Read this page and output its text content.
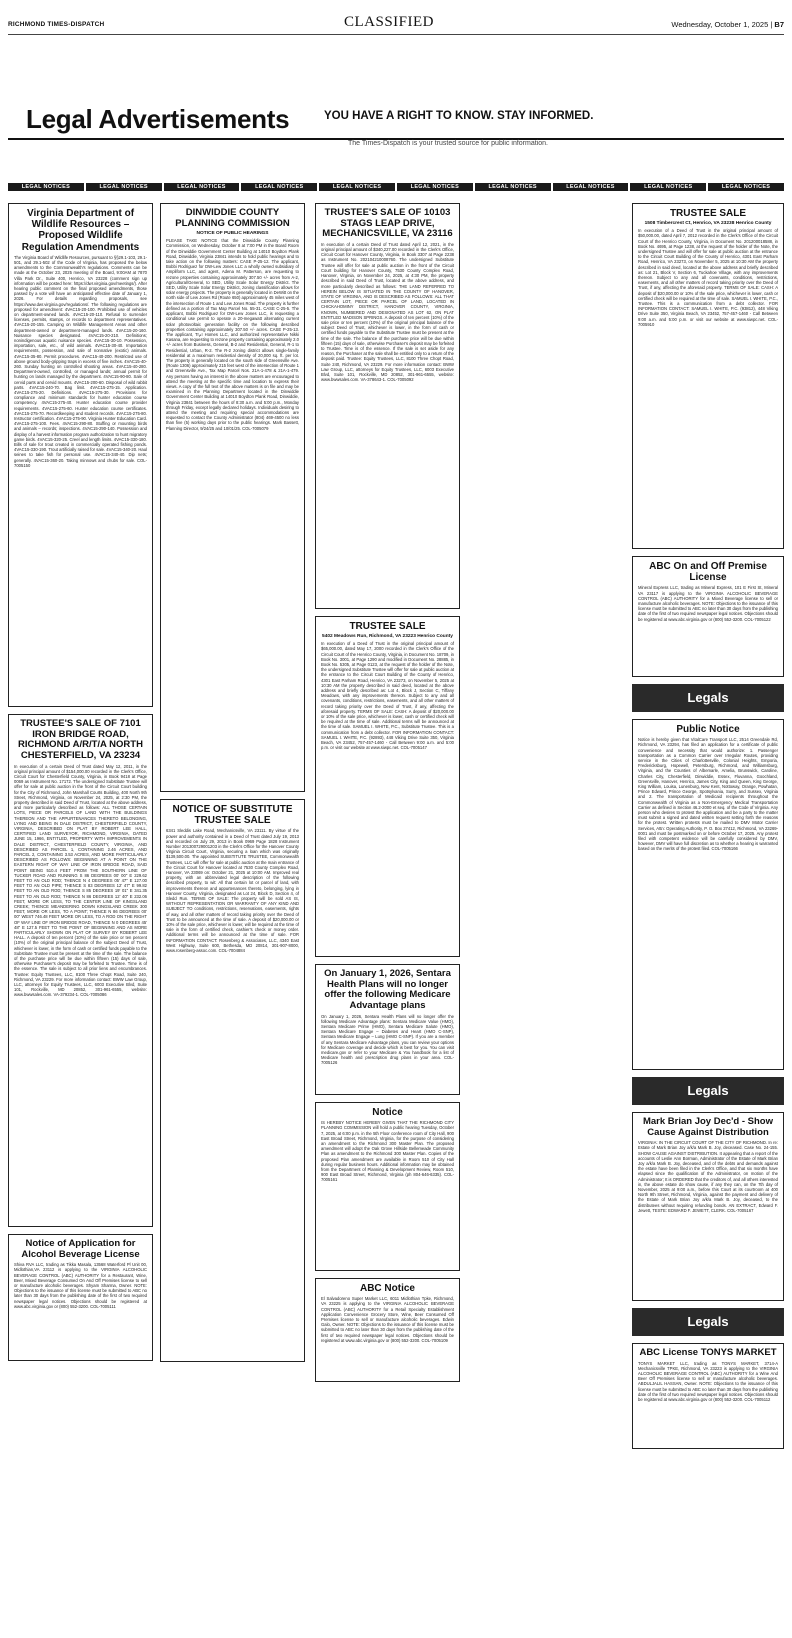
RICHMOND TIMES-DISPATCH	CLASSIFIED	Wednesday, October 1, 2025 | B7
Legal Advertisements	YOU HAVE A RIGHT TO KNOW. STAY INFORMED.
The Times-Dispatch is your trusted source for public information.
LEGAL NOTICES	LEGAL NOTICES	LEGAL NOTICES	LEGAL NOTICES	LEGAL NOTICES	LEGAL NOTICES	LEGAL NOTICES	LEGAL NOTICES	LEGAL NOTICES	LEGAL NOTICES
Virginia Department of Wildlife Resources – Proposed Wildlife Regulation Amendments
The Virginia Board of Wildlife Resources, pursuant to §§29.1-103, 29.1-501, and 29.1-502 of the Code of Virginia, has proposed the below amendments to the Commonwealth's regulations. Comments can be made at the October 23, 2025 meeting of the Board, 9:00AM at 7870 Villa Park Dr., Suite 400, Henrico, VA 23228 (comment sign up information will be posted here: https://dwr.virginia.gov/meetings/). After hearing public comment on the final proposed amendments, those passed by a vote will have an anticipated effective date of January 1, 2026. For details regarding proposals, see https://www.dwr.virginia.gov/regulations/. The following regulations are proposed for amendment: 4VAC15-20-100. Prohibited use of vehicles on department-owned lands. 4VAC15-20-110. Refusal to surrender licenses, permits, stamps, or records to department representatives. 4VAC15-20-155. Camping on Wildlife Management Areas and other department-owned or department-managed lands. 4VAC15-20-160. Nuisance species designated. 4VAC15-20-210. Definitions; nonindigenous aquatic nuisance species. 4VAC15-30-10. Possession, importation, sale, etc., of wild animals. 4VAC15-30-40. Importation requirements, possession, and sale of nonnative (exotic) animals. 4VAC15-35-80. Permit procedures. 4VAC15-40-200. Restricted use of above ground body-gripping traps in excess of five inches. 4VAC15-40-260. Sunday hunting on controlled shooting areas. 4VAC15-40-280. Department-owned, controlled, or managed lands; annual permit for hunting on lands managed by the department. 4VAC15-90-80. Sale of cervid parts and cervid mounts. 4VAC15-200-60. Disposal of wild rabbit parts. 4VAC15-240-70. Bag limit. 4VAC15-275-15. Application. 4VAC15-275-20. Definitions. 4VAC15-275-30. Provisions for compliance and minimum standards for hunter education course competency. 4VAC15-275-40. Hunter education course provider requirements. 4VAC15-275-60. Hunter education course certificates. 4VAC15-275-70. Recordkeeping and student records. 4VAC15-275-80. Instructor certification. 4VAC15-275-90. Virginia Hunter Education Card. 4VAC15-275-100. Fees. 4VAC15-290-80. Stuffing or mounting birds and animals – records; inspections. 4VAC15-290-140. Possession and display of a harvest information program authorization to hunt migratory game birds. 4VAC15-320-25. Creel and length limits. 4VAC15-330-180. Bills of sale for trout created in commercially operated fishing ponds. 4VAC15-330-190. Trout artificially raised for sale. 4VAC15-340-20. Haul seines to take fish for personal use. 4VAC15-340-40. Dip nets; generally. 4VAC15-360-20. Taking minnows and chubs for sale. COL-7005150
TRUSTEE'S SALE OF 7101 IRON BRIDGE ROAD, RICHMOND A/R/T/A NORTH CHESTERFIELD, VA 23234
In execution of a certain Deed of Trust dated May 12, 2011, in the original principal amount of $154,000.00 recorded in the Clerk's Office, Circuit Court for Chesterfield County, Virginia, in Book 9418 at Page 0069 as Instrument No. 17172. The undersigned Substitute Trustee will offer for sale at public auction in the front of the Circuit Court building for the City of Richmond, John Marshall Courts Building, 400 North 9th Street, Richmond, Virginia, on November 24, 2025, at 2:30 PM, the property described in said Deed of Trust, located at the above address, and more particularly described as follows: ALL THOSE CERTAIN LOTS, PIECE OR PARCELS OF LAND WITH THE BUILDINGS THEREON AND THE APPURTENANCES THERETO BELONGING, LYING AND BEING IN DALE DISTRICT, CHESTERFIELD COUNTY, VIRGINIA, DESCRIBED ON PLAT BY ROBERT LEE HALL, CERTIFIED LAND SURVEYOR, RICHMOND, VIRGINIA, DATED JUNE 15, 1966, ENTITLED, PROPERTY WITH IMPROVEMENTS IN DALE DISTRICT, CHESTERFIELD COUNTY, VIRGINIA, AND DESCRIBED AS PARCEL 1, CONTAINING 2.46 ACRES, AND PARCEL 2, CONTAINING 3.53 ACRES, AND MORE PARTICULARLY DESCRIBED AS FOLLOWS: BEGINNING AT A POINT ON THE EASTERN RIGHT OF WAY LINE OF IRON BRIDGE ROAD, SAID POINT BEING 510.4 FEET FROM THE SOUTHERN LINE OF TUCKER ROAD AND RUNNING S 86 DEGREES 00' 00" E 229.62 FEET TO AN OLD ROD; THENCE N 4 DEGREES 05' 47" E 127.00 FEET TO AN OLD PIPE; THENCE S 83 DEGREES 12' 47" E 99.82 FEET TO AN OLD ROD; THENCE S 85 DEGREES 19' 01" E 341.35 FEET TO AN OLD ROD; THENCE N 86 DEGREES 12' 40" E 232.06 FEET, MORE OR LESS, TO THE CENTER LINE OF KINGSLAND CREEK; THENCE MEANDERING DOWN KINGSLAND CREEK 300 FEET, MORE OR LESS, TO A POINT; THENCE N 86 DEGREES 00' 00" WEST 746.48 FEET MORE OR LESS, TO A ROD ON THE RIGHT OF WAY LINE OF IRON BRIDGE ROAD, THENCE N 0 DEGREES 45' 48" E 127.5 FEET TO THE POINT OF BEGINNING AND AS MORE PARTICULARLY SHOWN ON PLAT OF SURVEY BY ROBERT LEE HALL. A deposit of ten percent (10%) of the sale price or ten percent (10%) of the original principal balance of the subject Deed of Trust, whichever is lower, in the form of cash or certified funds payable to the Substitute Trustee must be present at the time of the sale. The balance of the purchase price will be due within fifteen (15) days of sale, otherwise Purchaser's deposit may be forfeited to Trustee. Time is of the essence. The sale is subject to all prior liens and encumbrances. Trustee: Equity Trustees, LLC, 8100 Three Chopt Road, Suite 240, Richmond, VA 23229. For more information contact: BWW Law Group, LLC, attorneys for Equity Trustees, LLC, 6003 Executive Blvd, Suite 101, Rockville, MD 20852, 301-961-6555, website: www.bwwsales.com. VA-379234-1. COL-7005086
Notice of Application for Alcohol Beverage License
Shiva RVA LLC, trading as Tikka Masala, 13568 Waterford Pl Unit 00, Midlothian,VA 23112 is applying to the VIRGINIA ALCOHOLIC BEVERAGE CONTROL (ABC) AUTHORITY for a Restaurant, Wine, Beer, Mixed Beverage Consumed On And Off Premises license to sell or manufacture alcoholic beverages. Shyam Sharma, Owner. NOTE: Objections to the issuance of this license must be submitted to ABC no later than 30 days from the publishing date of the first of two required newspaper legal notices. Objections should be registered at www.abc.virginia.gov or (800) 552-3200. COL-7005111
DINWIDDIE COUNTY PLANNING COMMISSION
NOTICE OF PUBLIC HEARINGS
PLEASE TAKE NOTICE that the Dinwiddie County Planning Commission, on Wednesday, October 8 at 7:00 PM in the Board Room of the Dinwiddie Government Center Building at 14010 Boydton Plank Road, Dinwiddie, Virginia 23841 intends to hold public hearings and to take action on the following matters: CASE P-25-12. The applicant, Bobbi Rodriguez for DW-Lew Jones LLC a wholly owned subsidiary of Ampliform LLC, and agent, Adena M. Patterson, are requesting to rezone properties containing approximately 307.50 +/- acres from A-2, Agricultural/General, to SED, Utility Scale Solar Energy District. The SED, Utility Scale Solar Energy District, zoning classification allows for solar energy projects. The property is generally located in DeWitt on the north side of Lew Jones Rd (Route 650) approximately 45 miles west of the intersection of Route 1 and Lew Jones Road. The property is further defined as a portion of Tax Map Parcel No. 55-31. CASE C-25-5. The applicant, Bobbi Rodriguez for DW-Lew Jones LLC, is requesting a conditional use permit to operate a 20-megawatt alternating current solar photovoltaic generation facility on the following described properties containing approximately 307.50 +/- acres. CASE P-25-13. The applicant, Trام Homes LLC, and authorized representative Nikki Kasana, are requesting to rezone property containing approximately 2.0 +/- acres from Business, General, B-2 and Residential, General, R-1 to Residential, Urban, R-2. The R-2 zoning district allows single-family residential at a maximum residential density of 20,000 sq. ft. per lot. The property is generally located on the south side of Greensville Ave. (Route 1306) approximately 215 feet west of the intersection of Route 1 and Greensville Ave., Tax Map Parcel Nos. 21A-1-478 & 21A-1-479. Any persons having an interest in the above matters are encouraged to attend the meeting at the specific time and location to express their views. A copy of the full text of the above matters is on file and may be examined in the Planning Department located in the Dinwiddie Government Center Building at 14010 Boydton Plank Road, Dinwiddie, Virginia 23841 between the hours of 8:30 a.m. and 5:00 p.m., Monday through Friday, except legally declared holidays. Individuals desiring to attend the meeting and requiring special accommodations are requested to contact the County Administrator (804) 469-4500 no less than five (5) working days prior to the public hearings. Mark Bassett, Planning Director, 9/24/25 and 10/01/25. COL-7005079
NOTICE OF SUBSTITUTE TRUSTEE SALE
6341 Sleddis Lake Road, Mechanicsville, VA 23111. By virtue of the power and authority contained in a Deed of Trust dated July 19, 2013 and recorded on July 29, 2013 in Book 0969 Page 1828 Instrument Number 201300729001203 in the Clerk's Office for the Hanover County Virginia Circuit Court, Virginia, securing a loan which was originally $139,500.00. The appointed SUBSTITUTE TRUSTEE, Commonwealth Trustees, LLC will offer for sale at public auction at the main entrance of the Circuit Court for Hanover located at 7530 County Complex Road, Hanover, VA 23069 on: October 21, 2025 at 10:00 AM. Improved real property, with an abbreviated legal description of the following described property, to wit: All that certain lot or parcel of land, with improvements thereon and appurtenances thereto, belonging, lying in Hanover County, Virginia, designated as Lot 24, Block D, Section 4, of Sledd Run. TERMS OF SALE: The property will be sold AS IS, WITHOUT REPRESENTATION OR WARRANTY OF ANY KIND AND SUBJECT TO conditions, restrictions, reservations, easements, rights of way, and all other matters of record taking priority over the Deed of Trust to be announced at the time of sale. A deposit of $20,000.00 or 10% of the sale price, whichever is lower, will be required at the time of sale in the form of certified check, cashier's check or money order. Additional terms will be announced at the time of sale. FOR INFORMATION CONTACT: Rosenberg & Associates, LLC, 4340 East West Highway, Suite 600, Bethesda, MD 20814, 301-907-8000, www.rosenberg-assoc.com. COL-7004884
TRUSTEE'S SALE OF 10103 STAGS LEAP DRIVE, MECHANICSVILLE, VA 23116
In execution of a certain Deed of Trust dated April 12, 2021, in the original principal amount of $340,227.00 recorded in the Clerk's Office, Circuit Court for Hanover County, Virginia, in Book 3307 at Page 2238 as Instrument No. 202104210008760. The undersigned Substitute Trustee will offer for sale at public auction in the front of the Circuit Court building for Hanover County, 7530 County Complex Road, Hanover, Virginia, on November 24, 2025, at 4:30 PM, the property described in said Deed of Trust, located at the above address, and more particularly described as follows: THE LAND REFERRED TO HEREIN BELOW IS SITUATED IN THE COUNTY OF HANOVER, STATE OF VIRGINIA, AND IS DESCRIBED AS FOLLOWS: ALL THAT CERTAIN LOT, PIECE OR PARCEL OF LAND, LOCATED IN CHICKAHOMINY DISTRICT, HANOVER COUNTY, VIRGINIA, KNOWN, NUMBERED AND DESIGNATED AS LOT 62, ON PLAT ENTITLED MADISON SPRINGS. A deposit of ten percent (10%) of the sale price or ten percent (10%) of the original principal balance of the subject Deed of Trust, whichever is lower, in the form of cash or certified funds payable to the Substitute Trustee must be present at the time of the sale. The balance of the purchase price will be due within fifteen (15) days of sale, otherwise Purchaser's deposit may be forfeited to Trustee. Time is of the essence. If the sale is set aside for any reason, the Purchaser at the sale shall be entitled only to a return of the deposit paid. Trustee: Equity Trustees, LLC, 8100 Three Chopt Road, Suite 240, Richmond, VA 23229. For more information contact: BWW Law Group, LLC, attorneys for Equity Trustees, LLC, 6003 Executive Blvd, Suite 101, Rockville, MD 20852, 301-961-6555, website: www.bwwsales.com. VA-378643-1. COL-7005092
TRUSTEE SALE
5402 Meadows Run, Richmond, VA 23223 Henrico County
In execution of a Deed of Trust in the original principal amount of $65,000.00, dated May 17, 2000 recorded in the Clerk's Office of the Circuit Court of the Henrico County, Virginia, in Document No. 18709, in Book No. 3001, at Page 1290 and modified in Document No. 28885, in Book No. 5305, at Page 0123, at the request of the holder of the Note, the undersigned Substitute Trustee will offer for sale at public auction at the entrance to the Circuit Court Building of the County of Henrico, 4301 East Parham Road, Henrico, VA 23273, on November 5, 2025 at 10:30 AM the property described in said deed, located at the above address and briefly described as: Lot 4, Block J, Section C, Tiffany Meadows, with any improvements thereon. Subject to any and all covenants, conditions, restrictions, easements, and all other matters of record taking priority over the Deed of Trust, if any, affecting the aforesaid property. TERMS OF SALE: CASH: A deposit of $20,000.00 or 10% of the sale price, whichever is lower, cash or certified check will be required at the time of sale. Additional terms will be announced at the time of sale. SAMUEL I. WHITE, P.C., Substitute Trustee. This is a communication from a debt collector. FOR INFORMATION CONTACT: SAMUEL I. WHITE, P.C. (92893), 448 Viking Drive Suite 350, Virginia Beach, VA 23452, 757-457-1460 - Call Between 9:00 a.m. and 5:00 p.m. or visit our website at www.siwpc.net. COL-7005147
On January 1, 2026, Sentara Health Plans will no longer offer the following Medicare Advantage plans
On January 1, 2026, Sentara Health Plans will no longer offer the following Medicare Advantage plans: Sentara Medicare Value (HMO), Sentara Medicare Prime (HMO), Sentara Medicare Salute (HMO), Sentara Medicare Engage – Diabetes and Heart (HMO C-SNP), Sentara Medicare Engage – Lung (HMO C-SNP). If you are a member of any Sentara Medicare Advantage plans, you can review your options for Medicare coverage and decide which is best for you. You can visit medicare.gov or refer to your Medicare & You handbook for a list of Medicare health and prescription drug plans in your area. COL-7005126
Notice
IS HEREBY NOTICE HEREBY GIVEN THAT THE RICHMOND CITY PLANNING COMMISSION will hold a public hearing Tuesday, October 7, 2025, at 6:00 p.m. in the 5th Floor conference room of City Hall, 900 East Broad Street, Richmond, Virginia, for the purpose of considering an amendment to the Richmond 300 Master Plan. The proposed amendment will adopt the Oak Grove Hillside Bellemeade Community Plan as amendment to the Richmond 300 Master Plan. Copies of the proposed Plan amendment are available in Room 510 of City Hall during regular business hours. Additional information may be obtained from the Department of Planning & Development Review, Room 510, 900 East Broad Street, Richmond, Virginia (ph 804-646-6335). COL-7005161
ABC Notice
El Salvadoreno Super Market LLC, 6011 Midlothian Tpke, Richmond, VA 23225 is applying to the VIRGINIA ALCOHOLIC BEVERAGE CONTROL (ABC) AUTHORITY for a Retail Specialty Establishment Application Convenience Grocery Store, Wine, Beer Consumed Off Premises license to sell or manufacture alcoholic beverages. Edwin Galo, Owner. NOTE: Objections to the issuance of this license must be submitted to ABC no later than 30 days from the publishing date of the first of two required newspaper legal notices. Objections should be registered at www.abc.virginia.gov or (800) 552-3200. COL-7005109
TRUSTEE SALE
1508 Timbercrest Ct, Henrico, VA 23238 Henrico County
In execution of a Deed of Trust in the original principal amount of $50,000.00, dated April 7, 2012 recorded in the Clerk's Office of the Circuit Court of the Henrico County, Virginia, in Document No. 201200018588, in Book No. 4695, at Page 1238, at the request of the holder of the Note, the undersigned Trustee and will offer for sale at public auction at the entrance to the Circuit Court Building of the County of Henrico, 4301 East Parham Road, Henrico, VA 23273, on November 5, 2025 at 10:30 AM the property described in said deed, located at the above address and briefly described as: Lot 21, Block V, Section 6, Tuckahoe Village, with any improvements thereon. Subject to any and all covenants, conditions, restrictions, easements, and all other matters of record taking priority over the Deed of Trust, if any, affecting the aforesaid property. TERMS OF SALE: CASH: A deposit of $20,000.00 or 10% of the sale price, whichever is lower, cash or certified check will be required at the time of sale. SAMUEL I. WHITE, P.C., Trustee. This is a communication from a debt collector. FOR INFORMATION CONTACT: SAMUEL I. WHITE, P.C. (93812), 448 Viking Drive Suite 350, Virginia Beach, VA 23452, 757-457-1460 - Call Between 9:00 a.m. and 5:00 p.m. or visit our website at www.siwpc.net. COL-7005910
ABC On and Off Premise License
Mineral Express LLC, trading as Mineral Express, 101 E First St, Mineral VA 23117 is applying to the VIRGINIA ALCOHOLIC BEVERAGE CONTROL (ABC) AUTHORITY for a Mixed Beverage license to sell or manufacture alcoholic beverages. NOTE: Objections to the issuance of this license must be submitted to ABC no later than 30 days from the publishing date of the first of two required newspaper legal notices. Objections should be registered at www.abc.virginia.gov or (800) 552-3200. COL-7005122
Legals
Public Notice
Notice is hereby given that VitalCare Transport LLC, 2514 Greendale Rd, Richmond, VA 23294, has filed an application for a certificate of public convenience and necessity that would authorize: 1. Passenger transportation as a Common Carrier over Irregular Routes, providing service in the Cities of Charlottesville, Colonial Heights, Emporia, Fredericksburg, Hopewell, Petersburg, Richmond, and Williamsburg, Virginia, and the Counties of Albemarle, Amelia, Brunswick, Caroline, Charles City, Chesterfield, Dinwiddie, Essex, Fluvanna, Goochland, Greensville, Hanover, Henrico, James City, King and Queen, King George, King William, Louisa, Lunenburg, New Kent, Nottoway, Orange, Powhatan, Prince Edward, Prince George, Spotsylvania, Surry, and Sussex, Virginia and 2. The transportation of Medicaid recipients throughout the Commonwealth of Virginia as a Non-Emergency Medical Transportation Carrier as defined in Section 46.2-2000 et seq. of the Code of Virginia. Any person who desires to protest the application and be a party to the matter must submit a signed and dated written request setting forth the reasons for the protest. Written protests must be mailed to DMV Motor Carrier Services, Attn: Operating Authority, P. O. Box 27412, Richmond, VA 23269-0001 and must be postmarked on or before October 17, 2025. Any protest filed with competent evidence will be carefully considered by DMV, however, DMV will have full discretion as to whether a hearing is warranted based on the merits of the protest filed. COL-7005166
Legals
Mark Brian Joy Dec'd - Show Cause Against Distribution
VIRGINIA: IN THE CIRCUIT COURT OF THE CITY OF RICHMOND. In re: Estate of Mark Brian Joy a/k/a Mark B. Joy, deceased. Case No. 24-155. SHOW CAUSE AGAINST DISTRIBUTION. It appearing that a report of the accounts of Leslie Ann Borman, Administrator of the Estate of Mark Brian Joy a/k/a Mark B. Joy, deceased, and of the debts and demands against the estate have been filed in the Clerk's Office, and that six months have elapsed since the qualification of the Administrator, on motion of the Administrator; It is ORDERED that the creditors of, and all others interested in, the above estate do show cause, if any they can, on the 7th day of November, 2025 at 9:00 a.m., before this Court at its courtroom at 400 North 9th Street, Richmond, Virginia, against the payment and delivery of the Estate of Mark Brian Joy a/k/a Mark B. Joy, deceased, to the distributees without requiring refunding bonds. AN EXTRACT, Edward F. Jewett, TESTE: EDWARD F. JEWETT, CLERK. COL-7005167
Legals
ABC License TONYS MARKET
TONYS MARKET LLC, trading as TONYS MARKET, 3714-A Mechanicsville TPKE, Richmond, VA 23223 is applying to the VIRGINIA ALCOHOLIC BEVERAGE CONTROL (ABC) AUTHORITY for a Wine And Beer Off Premises license to sell or manufacture alcoholic beverages. ABDULJALIL HASSAN, Owner. NOTE: Objections to the issuance of this license must be submitted to ABC no later than 30 days from the publishing date of the first of two required newspaper legal notices. Objections should be registered at www.abc.virginia.gov or (800) 552-3200. COL-7005112
